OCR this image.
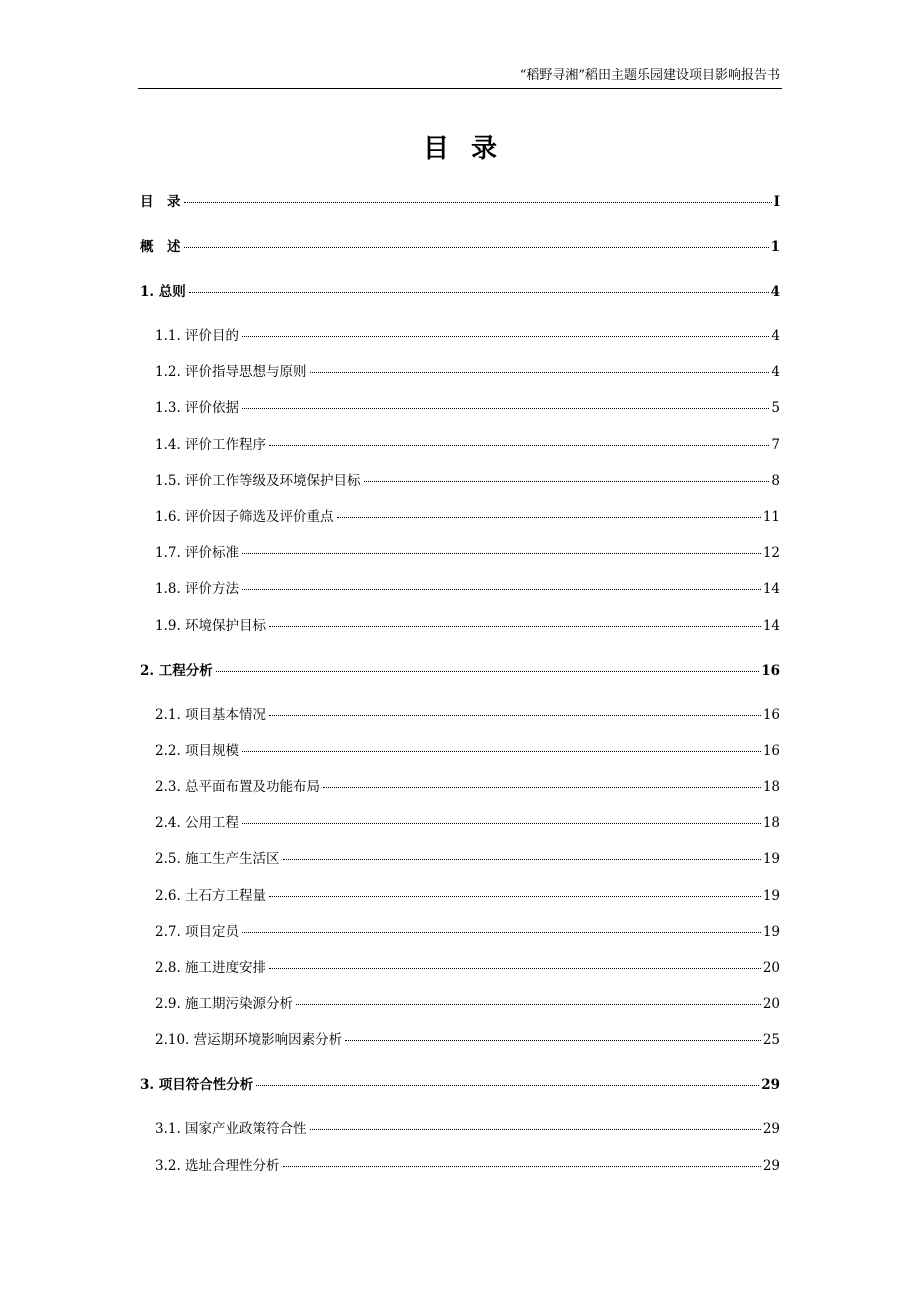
“稻野寻湘”稻田主题乐园建设项目影响报告书
目录
目　录	I
概　述	1
1. 总则	4
1.1. 评价目的	4
1.2. 评价指导思想与原则	4
1.3. 评价依据	5
1.4. 评价工作程序	7
1.5. 评价工作等级及环境保护目标	8
1.6. 评价因子筛选及评价重点	11
1.7. 评价标准	12
1.8. 评价方法	14
1.9. 环境保护目标	14
2. 工程分析	16
2.1. 项目基本情况	16
2.2. 项目规模	16
2.3. 总平面布置及功能布局	18
2.4. 公用工程	18
2.5. 施工生产生活区	19
2.6. 土石方工程量	19
2.7. 项目定员	19
2.8. 施工进度安排	20
2.9. 施工期污染源分析	20
2.10. 营运期环境影响因素分析	25
3. 项目符合性分析	29
3.1. 国家产业政策符合性	29
3.2. 选址合理性分析	29
